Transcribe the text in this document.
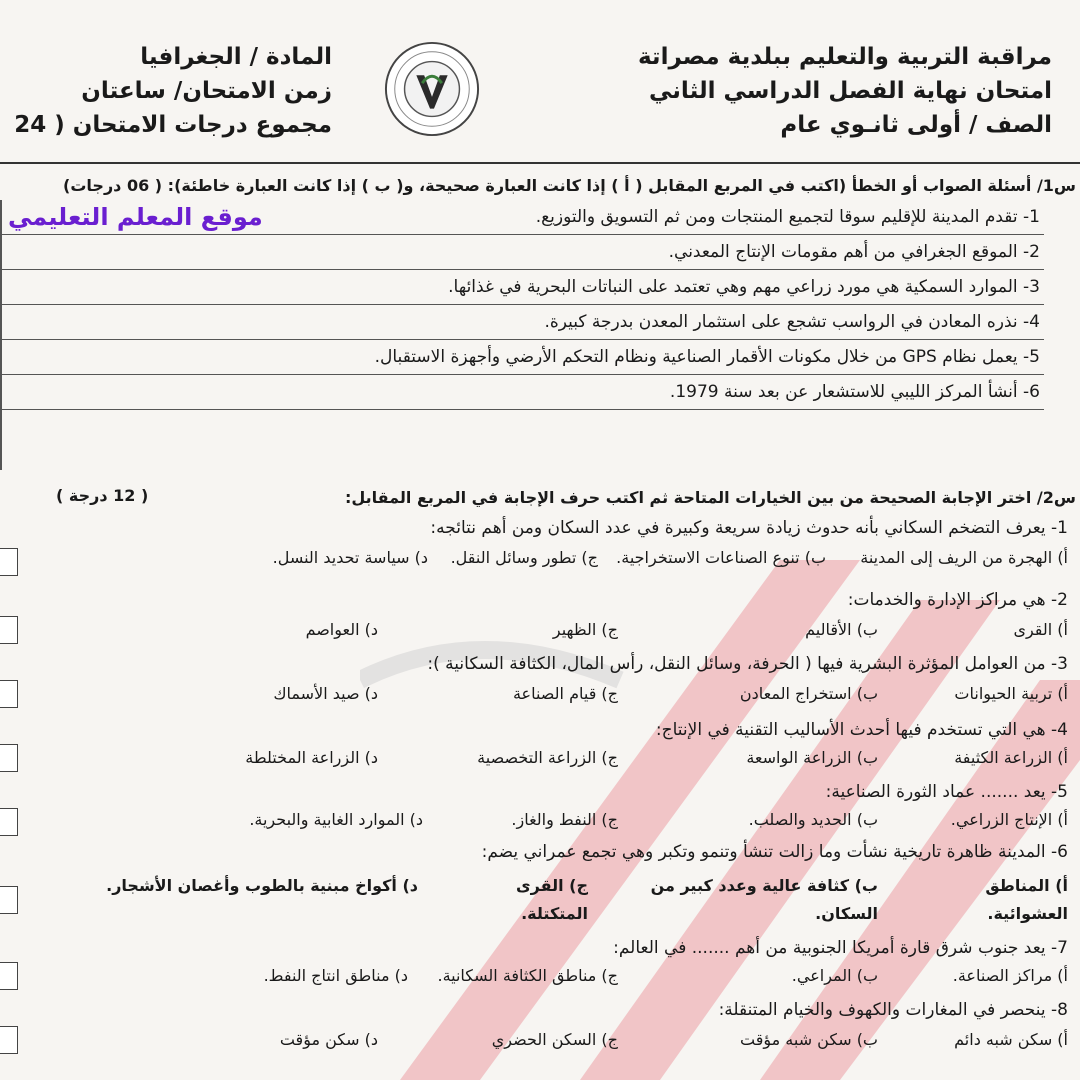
مراقبة التربية والتعليم ببلدية مصراتة
امتحان نهاية الفصل الدراسي الثاني
الصف / أولى ثانـوي عام
المادة / الجغرافيا
زمن الامتحان/ ساعتان
مجموع درجات الامتحان ( 24
س1/ أسئلة الصواب أو الخطأ (اكتب في المربع المقابل ( أ ) إذا كانت العبارة صحيحة، و( ب ) إذا كانت العبارة خاطئة): ( 06 درجات)
1- تقدم المدينة للإقليم سوقا لتجميع المنتجات ومن ثم التسويق والتوزيع.
موقع المعلم التعليمي
2- الموقع الجغرافي من أهم مقومات الإنتاج المعدني.
3- الموارد السمكية هي مورد زراعي مهم وهي تعتمد على النباتات البحرية في غذائها.
4- نذره المعادن في الرواسب تشجع على استثمار المعدن بدرجة كبيرة.
5- يعمل نظام GPS من خلال مكونات الأقمار الصناعية ونظام التحكم الأرضي وأجهزة الاستقبال.
6- أنشأ المركز الليبي للاستشعار عن بعد سنة 1979.
س2/ اختر الإجابة الصحيحة من بين الخيارات المتاحة ثم اكتب حرف الإجابة في المربع المقابل:
( 12 درجة )
1- يعرف التضخم السكاني بأنه حدوث زيادة سريعة وكبيرة في عدد السكان ومن أهم نتائجه:
أ) الهجرة من الريف إلى المدينة
ب) تنوع الصناعات الاستخراجية.
ج) تطور وسائل النقل.
د) سياسة تحديد النسل.
2- هي مراكز الإدارة والخدمات:
أ) القرى
ب) الأقاليم
ج) الظهير
د) العواصم
3- من العوامل المؤثرة البشرية فيها ( الحرفة، وسائل النقل، رأس المال، الكثافة السكانية ):
أ) تربية الحيوانات
ب) استخراج المعادن
ج) قيام الصناعة
د) صيد الأسماك
4- هي التي تستخدم فيها أحدث الأساليب التقنية في الإنتاج:
أ) الزراعة الكثيفة
ب) الزراعة الواسعة
ج) الزراعة التخصصية
د) الزراعة المختلطة
5- يعد ....... عماد الثورة الصناعية:
أ) الإنتاج الزراعي.
ب) الحديد والصلب.
ج) النفط والغاز.
د) الموارد الغابية والبحرية.
6- المدينة ظاهرة تاريخية نشأت وما زالت تنشأ وتنمو وتكبر وهي تجمع عمراني يضم:
أ) المناطق العشوائية.
ب) كثافة عالية وعدد كبير من السكان.
ج) القرى المتكتلة.
د) أكواخ مبنية بالطوب وأغصان الأشجار.
7- يعد جنوب شرق قارة أمريكا الجنوبية من أهم ....... في العالم:
أ) مراكز الصناعة.
ب) المراعي.
ج) مناطق الكثافة السكانية.
د) مناطق انتاج النفط.
8- ينحصر في المغارات والكهوف والخيام المتنقلة:
أ) سكن شبه دائم
ب) سكن شبه مؤقت
ج) السكن الحضري
د) سكن مؤقت
